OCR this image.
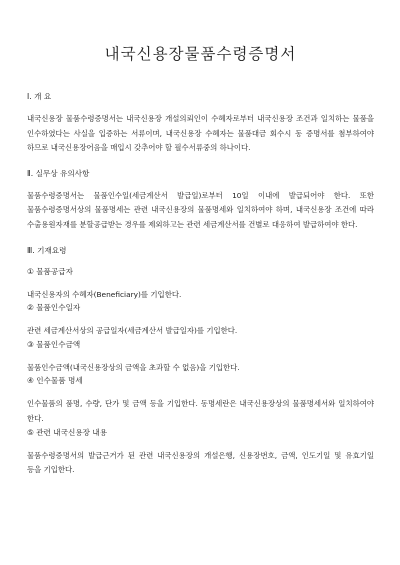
내국신용장물품수령증명서
Ⅰ. 개 요
내국신용장 물품수령증명서는 내국신용장 개설의뢰인이 수혜자로부터 내국신용장 조건과 일치하는 물품을 인수하였다는 사실을 입증하는 서류이며, 내국신용장 수혜자는 물품대금 회수시 동 증명서를 첨부하여야 하므로 내국신용장어음을 매입시 갖추어야 할 필수서류중의 하나이다.
Ⅱ. 실무상 유의사항
물품수령증명서는 물품인수일(세금계산서 발급일)로부터 10일 이내에 발급되어야 한다. 또한 물품수령증명서상의 물품명세는 관련 내국신용장의 물품명세와 일치하여야 하며, 내국신용장 조건에 따라 수출용원자재를 분할공급받는 경우를 제외하고는 관련 세금계산서를 건별로 대응하여 발급하여야 한다.
Ⅲ. 기재요령
① 물품공급자
내국신용자의 수혜자(Beneficiary)를 기입한다.
② 물품인수일자
관련 세금계산서상의 공급일자(세금계산서 발급일자)를 기입한다.
③ 물품인수금액
물품인수금액(내국신용장상의 금액을 초과할 수 없음)을 기입한다.
④ 인수물품 명세
인수물품의 품명, 수량, 단가 및 금액 등을 기입한다. 동명세란은 내국신용장상의 물품명세서와 일치하여야 한다.
⑤ 관련 내국신용장 내용
물품수령증명서의 발급근거가 된 관련 내국신용장의 개설은행, 신용장번호, 금액, 인도기일 및 유효기일 등을 기입한다.
